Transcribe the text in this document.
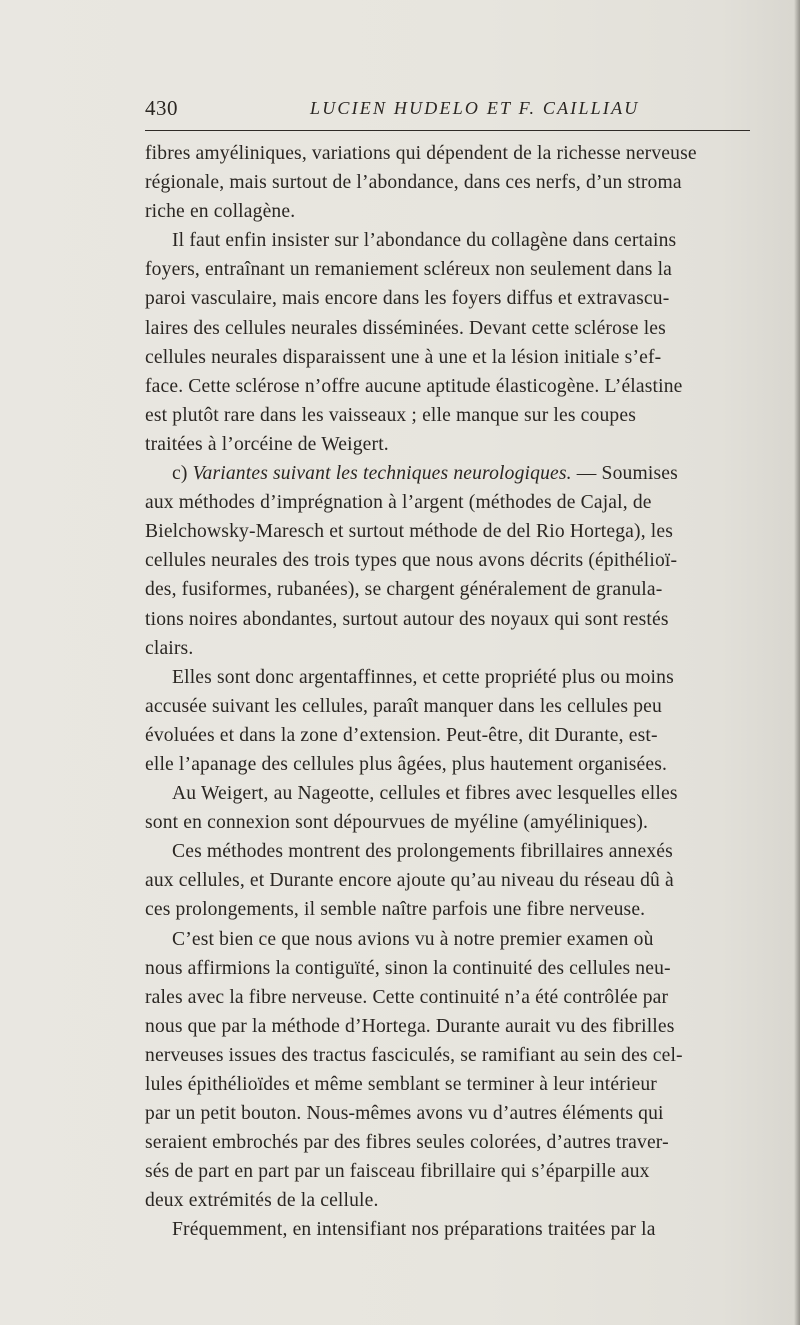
430	LUCIEN HUDELO ET F. CAILLIAU
fibres amyéliniques, variations qui dépendent de la richesse nerveuse
régionale, mais surtout de l’abondance, dans ces nerfs, d’un stroma
riche en collagène.
Il faut enfin insister sur l’abondance du collagène dans certains
foyers, entraînant un remaniement scléreux non seulement dans la
paroi vasculaire, mais encore dans les foyers diffus et extravascu-
laires des cellules neurales disséminées. Devant cette sclérose les
cellules neurales disparaissent une à une et la lésion initiale s’ef-
face. Cette sclérose n’offre aucune aptitude élasticogène. L’élastine
est plutôt rare dans les vaisseaux ; elle manque sur les coupes
traitées à l’orcéine de Weigert.
c) Variantes suivant les techniques neurologiques. — Soumises
aux méthodes d’imprégnation à l’argent (méthodes de Cajal, de
Bielchowsky-Maresch et surtout méthode de del Rio Hortega), les
cellules neurales des trois types que nous avons décrits (épithélioï-
des, fusiformes, rubanées), se chargent généralement de granula-
tions noires abondantes, surtout autour des noyaux qui sont restés
clairs.
Elles sont donc argentaffinnes, et cette propriété plus ou moins
accusée suivant les cellules, paraît manquer dans les cellules peu
évoluées et dans la zone d’extension. Peut-être, dit Durante, est-
elle l’apanage des cellules plus âgées, plus hautement organisées.
Au Weigert, au Nageotte, cellules et fibres avec lesquelles elles
sont en connexion sont dépourvues de myéline (amyéliniques).
Ces méthodes montrent des prolongements fibrillaires annexés
aux cellules, et Durante encore ajoute qu’au niveau du réseau dû à
ces prolongements, il semble naître parfois une fibre nerveuse.
C’est bien ce que nous avions vu à notre premier examen où
nous affirmions la contiguïté, sinon la continuité des cellules neu-
rales avec la fibre nerveuse. Cette continuité n’a été contrôlée par
nous que par la méthode d’Hortega. Durante aurait vu des fibrilles
nerveuses issues des tractus fasciculés, se ramifiant au sein des cel-
lules épithélioïdes et même semblant se terminer à leur intérieur
par un petit bouton. Nous-mêmes avons vu d’autres éléments qui
seraient embrochés par des fibres seules colorées, d’autres traver-
sés de part en part par un faisceau fibrillaire qui s’éparpille aux
deux extrémités de la cellule.
Fréquemment, en intensifiant nos préparations traitées par la
